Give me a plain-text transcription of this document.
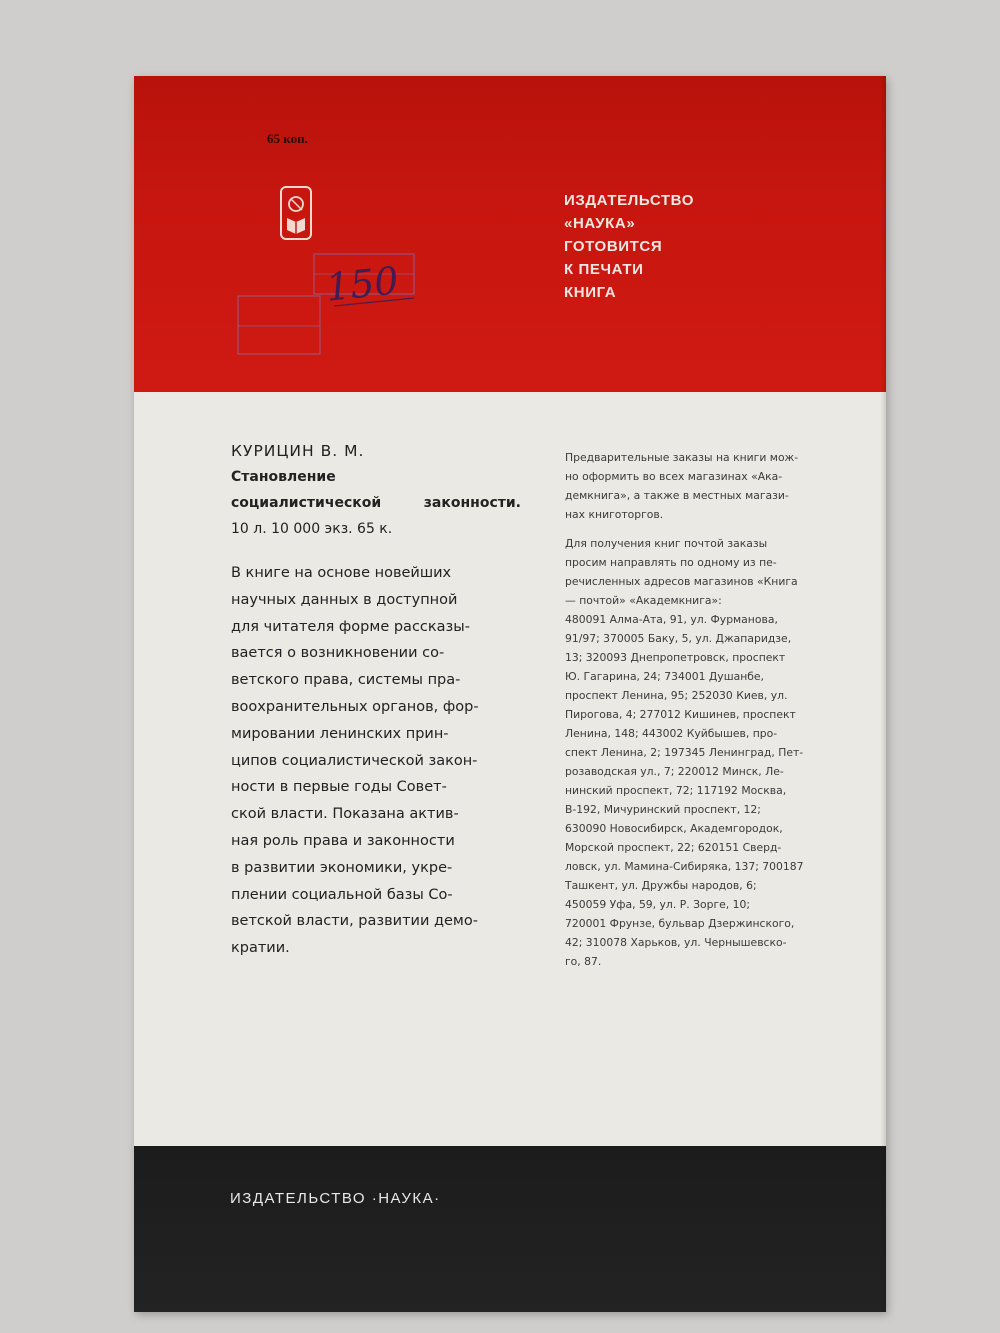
65 коп.
150
ИЗДАТЕЛЬСТВО
«НАУКА»
ГОТОВИТСЯ
К ПЕЧАТИ
КНИГА
КУРИЦИН В. М.
Становление
социалистической	законности.
10 л. 10 000 экз. 65 к.
В книге на основе новейших
научных данных в доступной
для читателя форме рассказы-
вается о возникновении со-
ветского права, системы пра-
воохранительных органов, фор-
мировании ленинских прин-
ципов социалистической закон-
ности в первые годы Совет-
ской власти. Показана актив-
ная роль права и законности
в развитии экономики, укре-
плении социальной базы Со-
ветской власти, развитии демо-
кратии.
Предварительные заказы на книги мож-
но оформить во всех магазинах «Ака-
демкнига», а также в местных магази-
нах книготоргов.
Для получения книг почтой заказы
просим направлять по одному из пе-
речисленных адресов магазинов «Книга
— почтой» «Академкнига»:
480091 Алма-Ата, 91, ул. Фурманова,
91/97; 370005 Баку, 5, ул. Джапаридзе,
13; 320093 Днепропетровск, проспект
Ю. Гагарина, 24; 734001 Душанбе,
проспект Ленина, 95; 252030 Киев, ул.
Пирогова, 4; 277012 Кишинев, проспект
Ленина, 148; 443002 Куйбышев, про-
спект Ленина, 2; 197345 Ленинград, Пет-
розаводская ул., 7; 220012 Минск, Ле-
нинский проспект, 72; 117192 Москва,
В-192, Мичуринский проспект, 12;
630090 Новосибирск, Академгородок,
Морской проспект, 22; 620151 Сверд-
ловск, ул. Мамина-Сибиряка, 137; 700187
Ташкент, ул. Дружбы народов, 6;
450059 Уфа, 59, ул. Р. Зорге, 10;
720001 Фрунзе, бульвар Дзержинского,
42; 310078 Харьков, ул. Чернышевско-
го, 87.
ИЗДАТЕЛЬСТВО ·НАУКА·
